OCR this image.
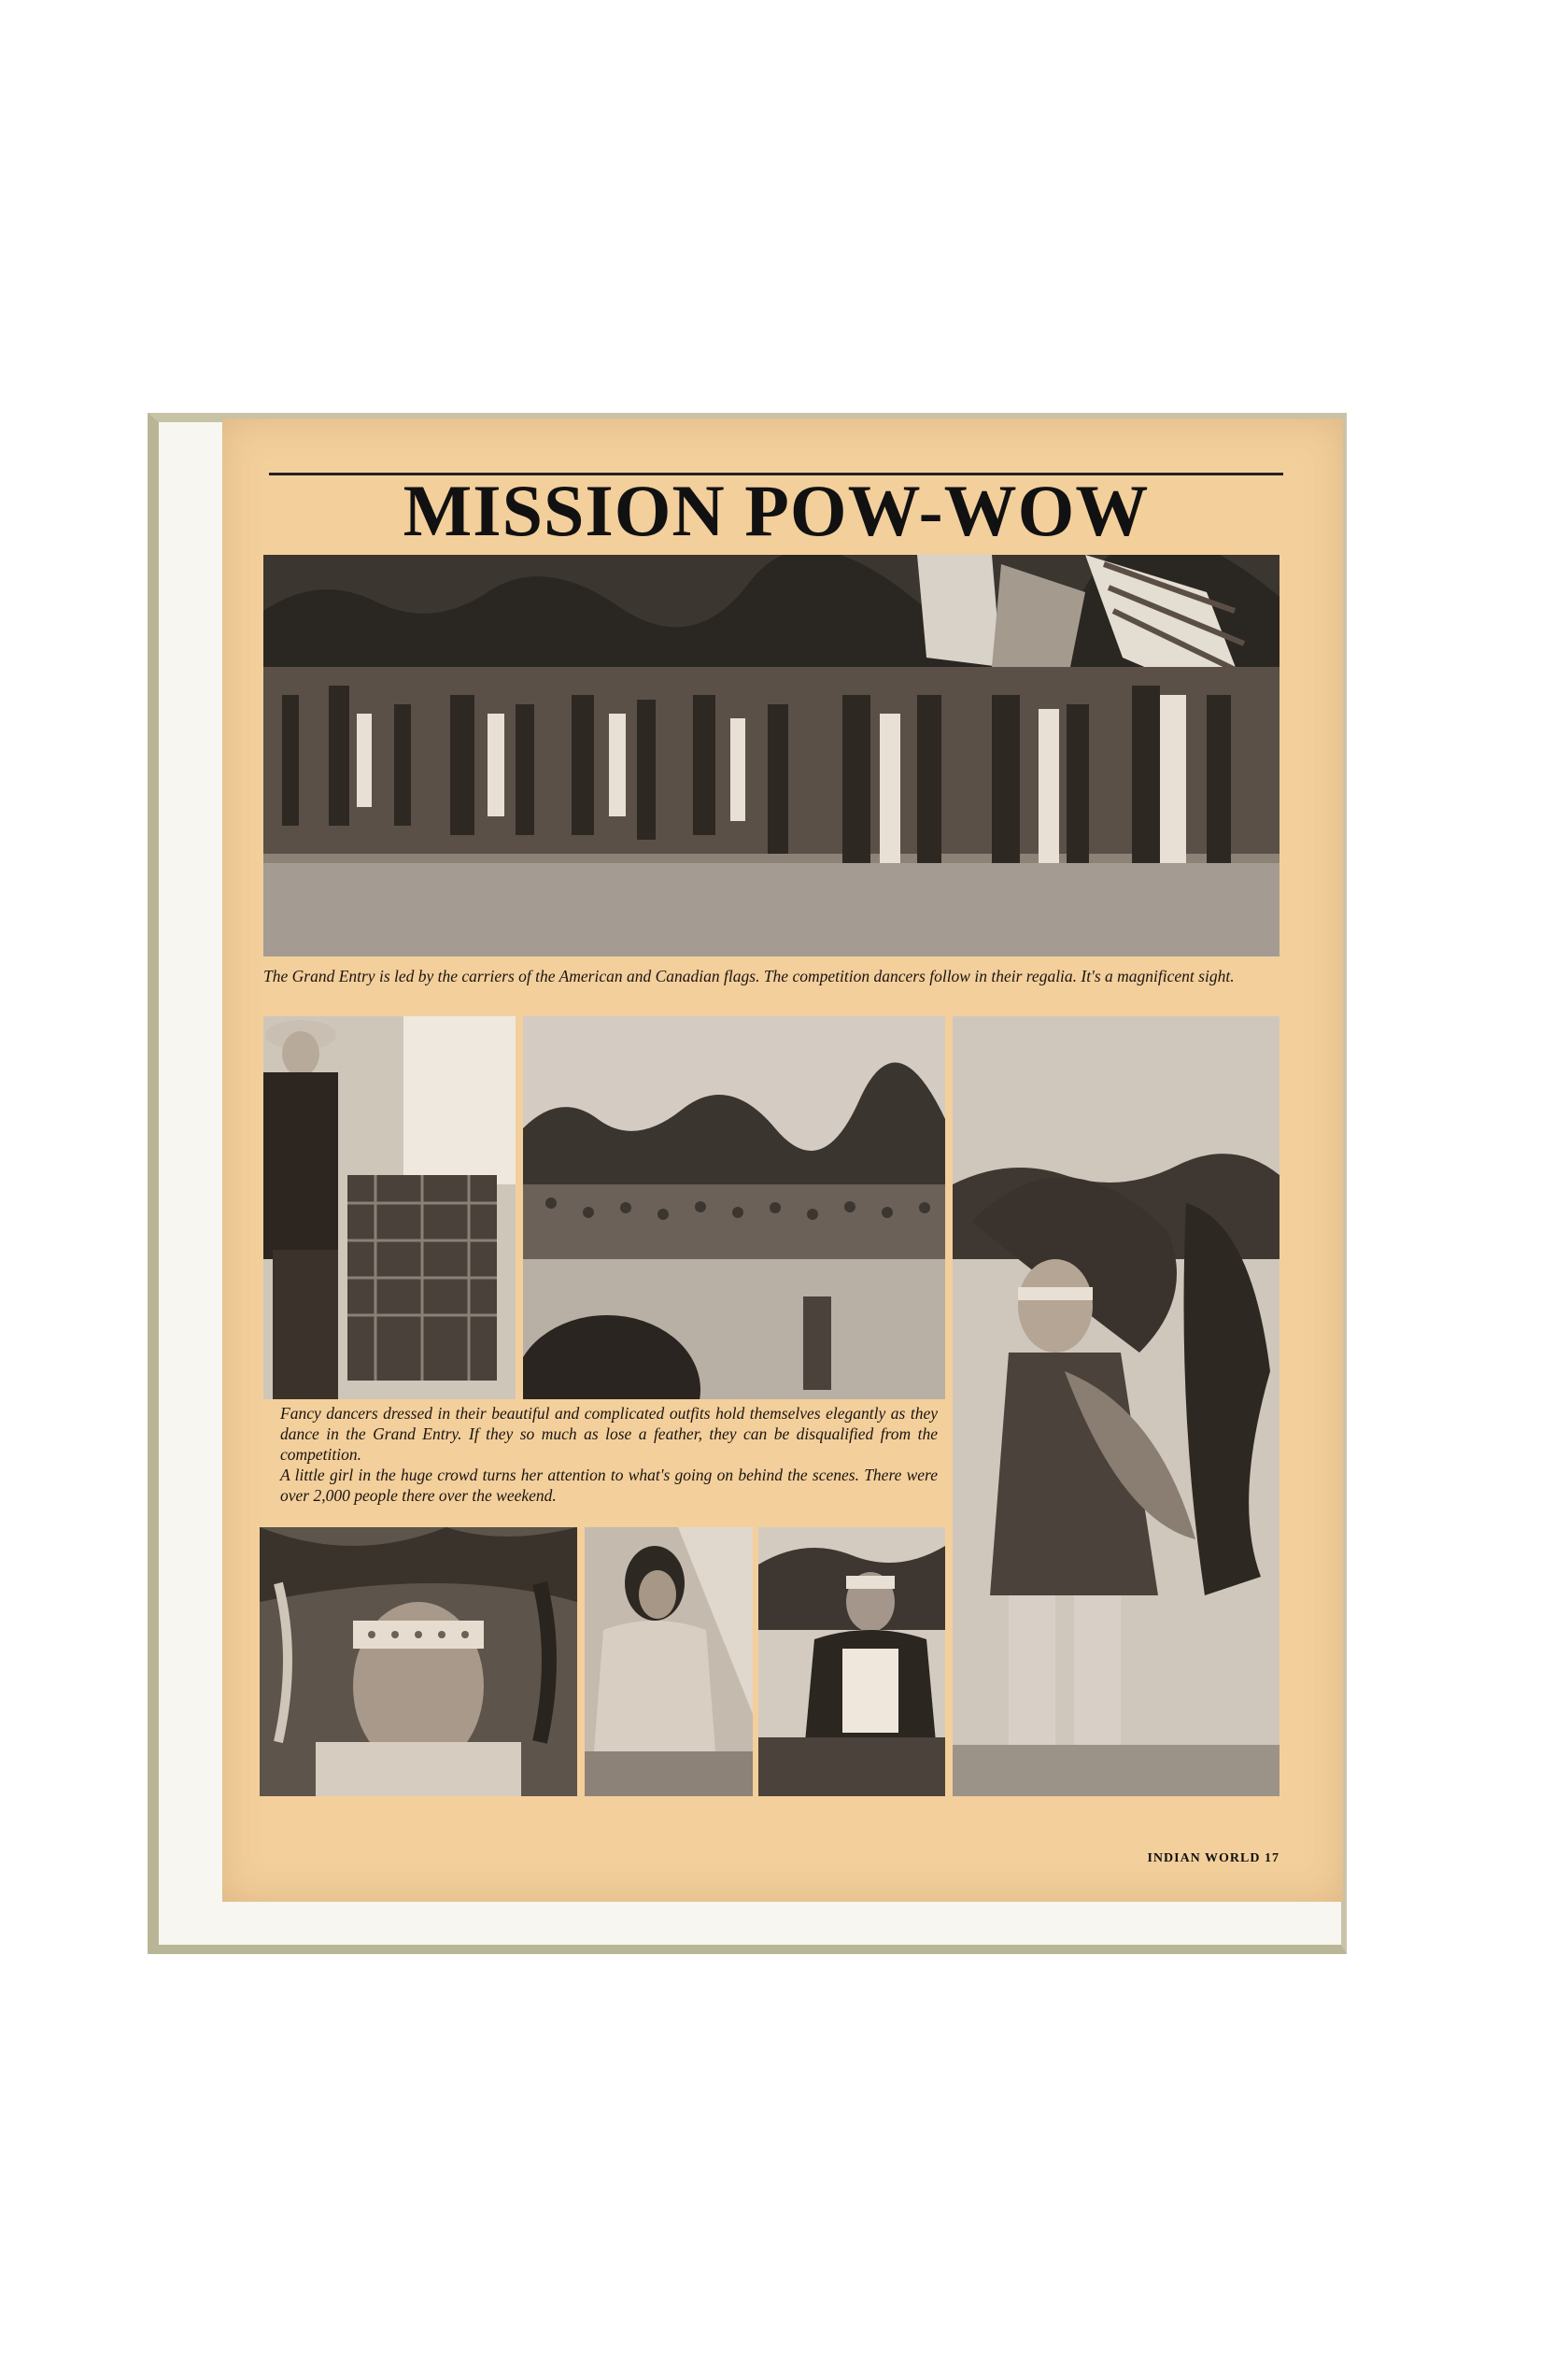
MISSION POW-WOW

The Grand Entry is led by the carriers of the American and Canadian flags. The competition dancers follow in their regalia. It's a magnificent sight.

Fancy dancers dressed in their beautiful and complicated outfits hold themselves elegantly as they dance in the Grand Entry. If they so much as lose a feather, they can be disqualified from the competition.

A little girl in the huge crowd turns her attention to what's going on behind the scenes. There were over 2,000 people there over the weekend.

INDIAN WORLD 17
